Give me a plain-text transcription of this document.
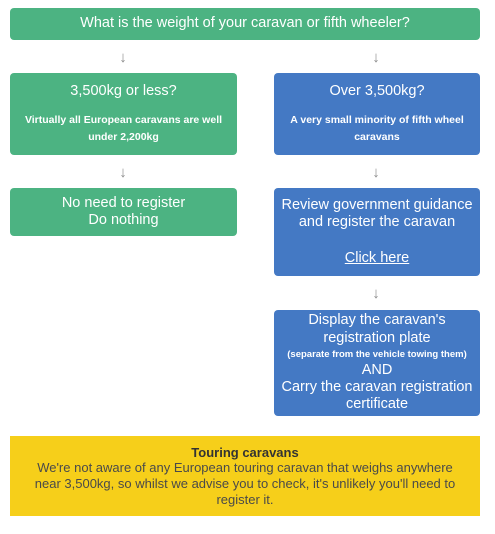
What is the weight of your caravan or fifth wheeler?
↓	↓
3,500kg or less?
Virtually all European caravans are well
under 2,200kg
Over 3,500kg?
A very small minority of fifth wheel
caravans
↓	↓
No need to register
Do nothing
Review government guidance
and register the caravan
Click here
↓
Display the caravan's
registration plate
(separate from the vehicle towing them)
AND
Carry the caravan registration
certificate
Touring caravans
We're not aware of any European touring caravan that weighs anywhere
near 3,500kg, so whilst we advise you to check, it's unlikely you'll need to
register it.
